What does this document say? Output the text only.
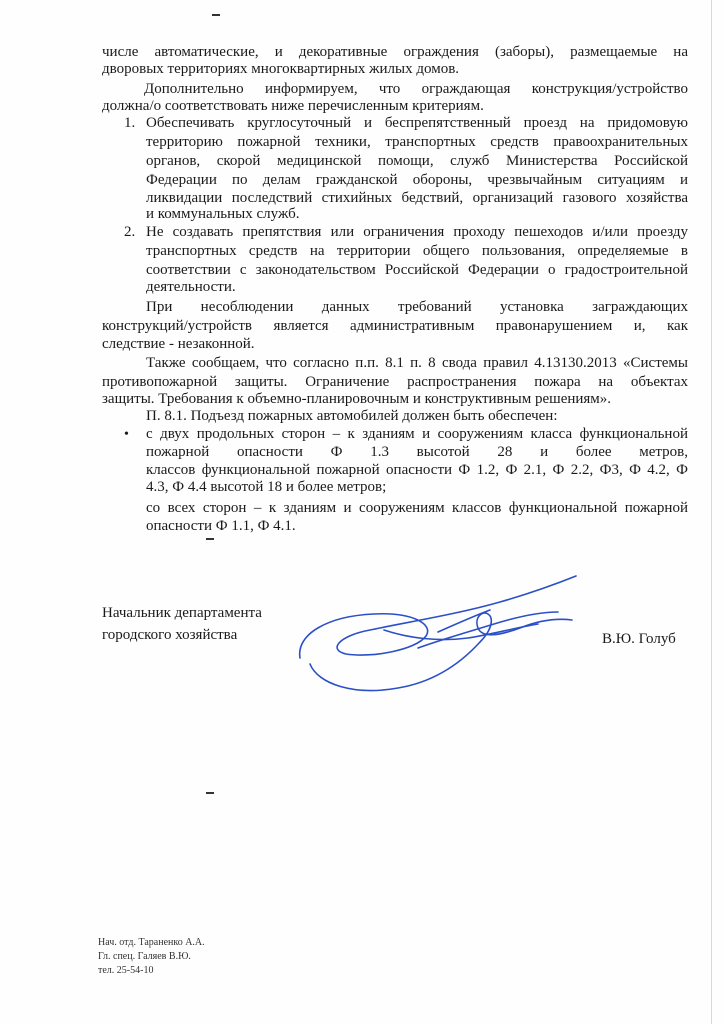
числе автоматические, и декоративные ограждения (заборы), размещаемые на

дворовых территориях многоквартирных жилых домов.

Дополнительно информируем, что ограждающая конструкция/устройство

должна/о соответствовать ниже перечисленным критериям.

1. Обеспечивать круглосуточный и беспрепятственный проезд на придомовую

территорию пожарной техники, транспортных средств правоохранительных

органов, скорой медицинской помощи, служб Министерства Российской

Федерации по делам гражданской обороны, чрезвычайным ситуациям и

ликвидации последствий стихийных бедствий, организаций газового хозяйства

и коммунальных служб.

2. Не создавать препятствия или ограничения проходу пешеходов и/или проезду

транспортных средств на территории общего пользования, определяемые в

соответствии с законодательством Российской Федерации о градостроительной

деятельности.

При несоблюдении данных требований установка заграждающих

конструкций/устройств является административным правонарушением и, как

следствие - незаконной.

Также сообщаем, что согласно п.п. 8.1 п. 8 свода правил 4.13130.2013 «Системы

противопожарной защиты. Ограничение распространения пожара на объектах

защиты. Требования к объемно-планировочным и конструктивным решениям».

П. 8.1. Подъезд пожарных автомобилей должен быть обеспечен:

• с двух продольных сторон – к зданиям и сооружениям класса функциональной

пожарной опасности Ф 1.3 высотой 28 и более метров,

классов функциональной пожарной опасности Ф 1.2, Ф 2.1, Ф 2.2, Ф3, Ф 4.2, Ф

4.3, Ф 4.4 высотой 18 и более метров;

со всех сторон – к зданиям и сооружениям классов функциональной пожарной

опасности Ф 1.1, Ф 4.1.

Начальник департамента
городского хозяйства	В.Ю. Голуб
Нач. отд. Тараненко А.А.
Гл. спец. Галяев В.Ю.
тел. 25-54-10
